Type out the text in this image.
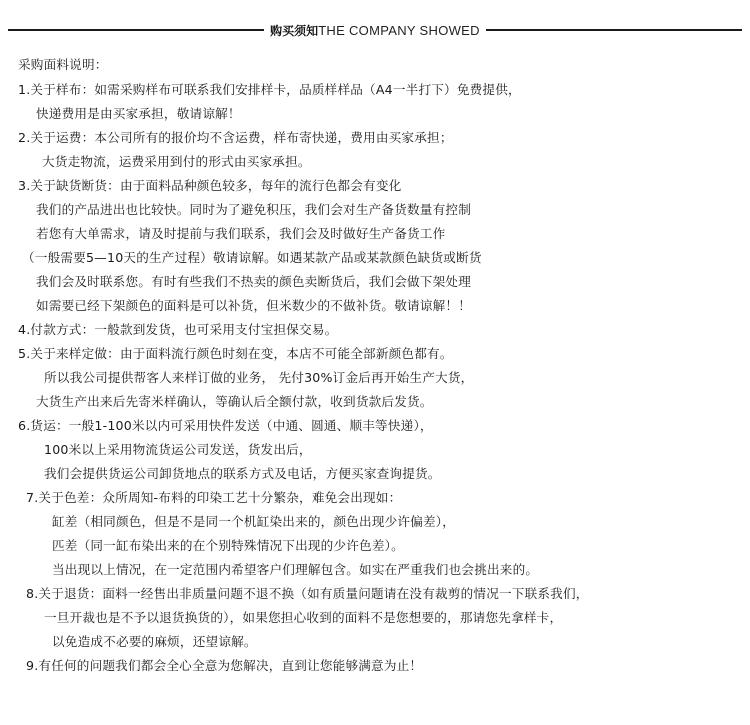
购买须知 THE COMPANY SHOWED
采购面料说明：
1.关于样布：如需采购样布可联系我们安排样卡，品质样样品（A4一半打下）免费提供，
快递费用是由买家承担，敬请谅解！
2.关于运费：本公司所有的报价均不含运费，样布寄快递，费用由买家承担；
大货走物流，运费采用到付的形式由买家承担。
3.关于缺货断货：由于面料品种颜色较多，每年的流行色都会有变化
我们的产品进出也比较快。同时为了避免积压，我们会对生产备货数量有控制
若您有大单需求，请及时提前与我们联系，我们会及时做好生产备货工作
（一般需要5—10天的生产过程）敬请谅解。如遇某款产品或某款颜色缺货或断货
我们会及时联系您。有时有些我们不热卖的颜色卖断货后，我们会做下架处理
如需要已经下架颜色的面料是可以补货，但米数少的不做补货。敬请谅解！！
4.付款方式：一般款到发货，也可采用支付宝担保交易。
5.关于来样定做：由于面料流行颜色时刻在变，本店不可能全部新颜色都有。
所以我公司提供帮客人来样订做的业务， 先付30%订金后再开始生产大货，
大货生产出来后先寄米样确认，等确认后全额付款，收到货款后发货。
6.货运：一般1-100米以内可采用快件发送（中通、圆通、顺丰等快递），
100米以上采用物流货运公司发送，货发出后，
我们会提供货运公司卸货地点的联系方式及电话，方便买家查询提货。
7.关于色差：众所周知-布料的印染工艺十分繁杂，难免会出现如：
缸差（相同颜色，但是不是同一个机缸染出来的，颜色出现少许偏差），
匹差（同一缸布染出来的在个别特殊情况下出现的少许色差）。
当出现以上情况，在一定范围内希望客户们理解包含。如实在严重我们也会挑出来的。
8.关于退货：面料一经售出非质量问题不退不换（如有质量问题请在没有裁剪的情况一下联系我们，
一旦开裁也是不予以退货换货的），如果您担心收到的面料不是您想要的，那请您先拿样卡，
以免造成不必要的麻烦，还望谅解。
9.有任何的问题我们都会全心全意为您解决，直到让您能够满意为止！
